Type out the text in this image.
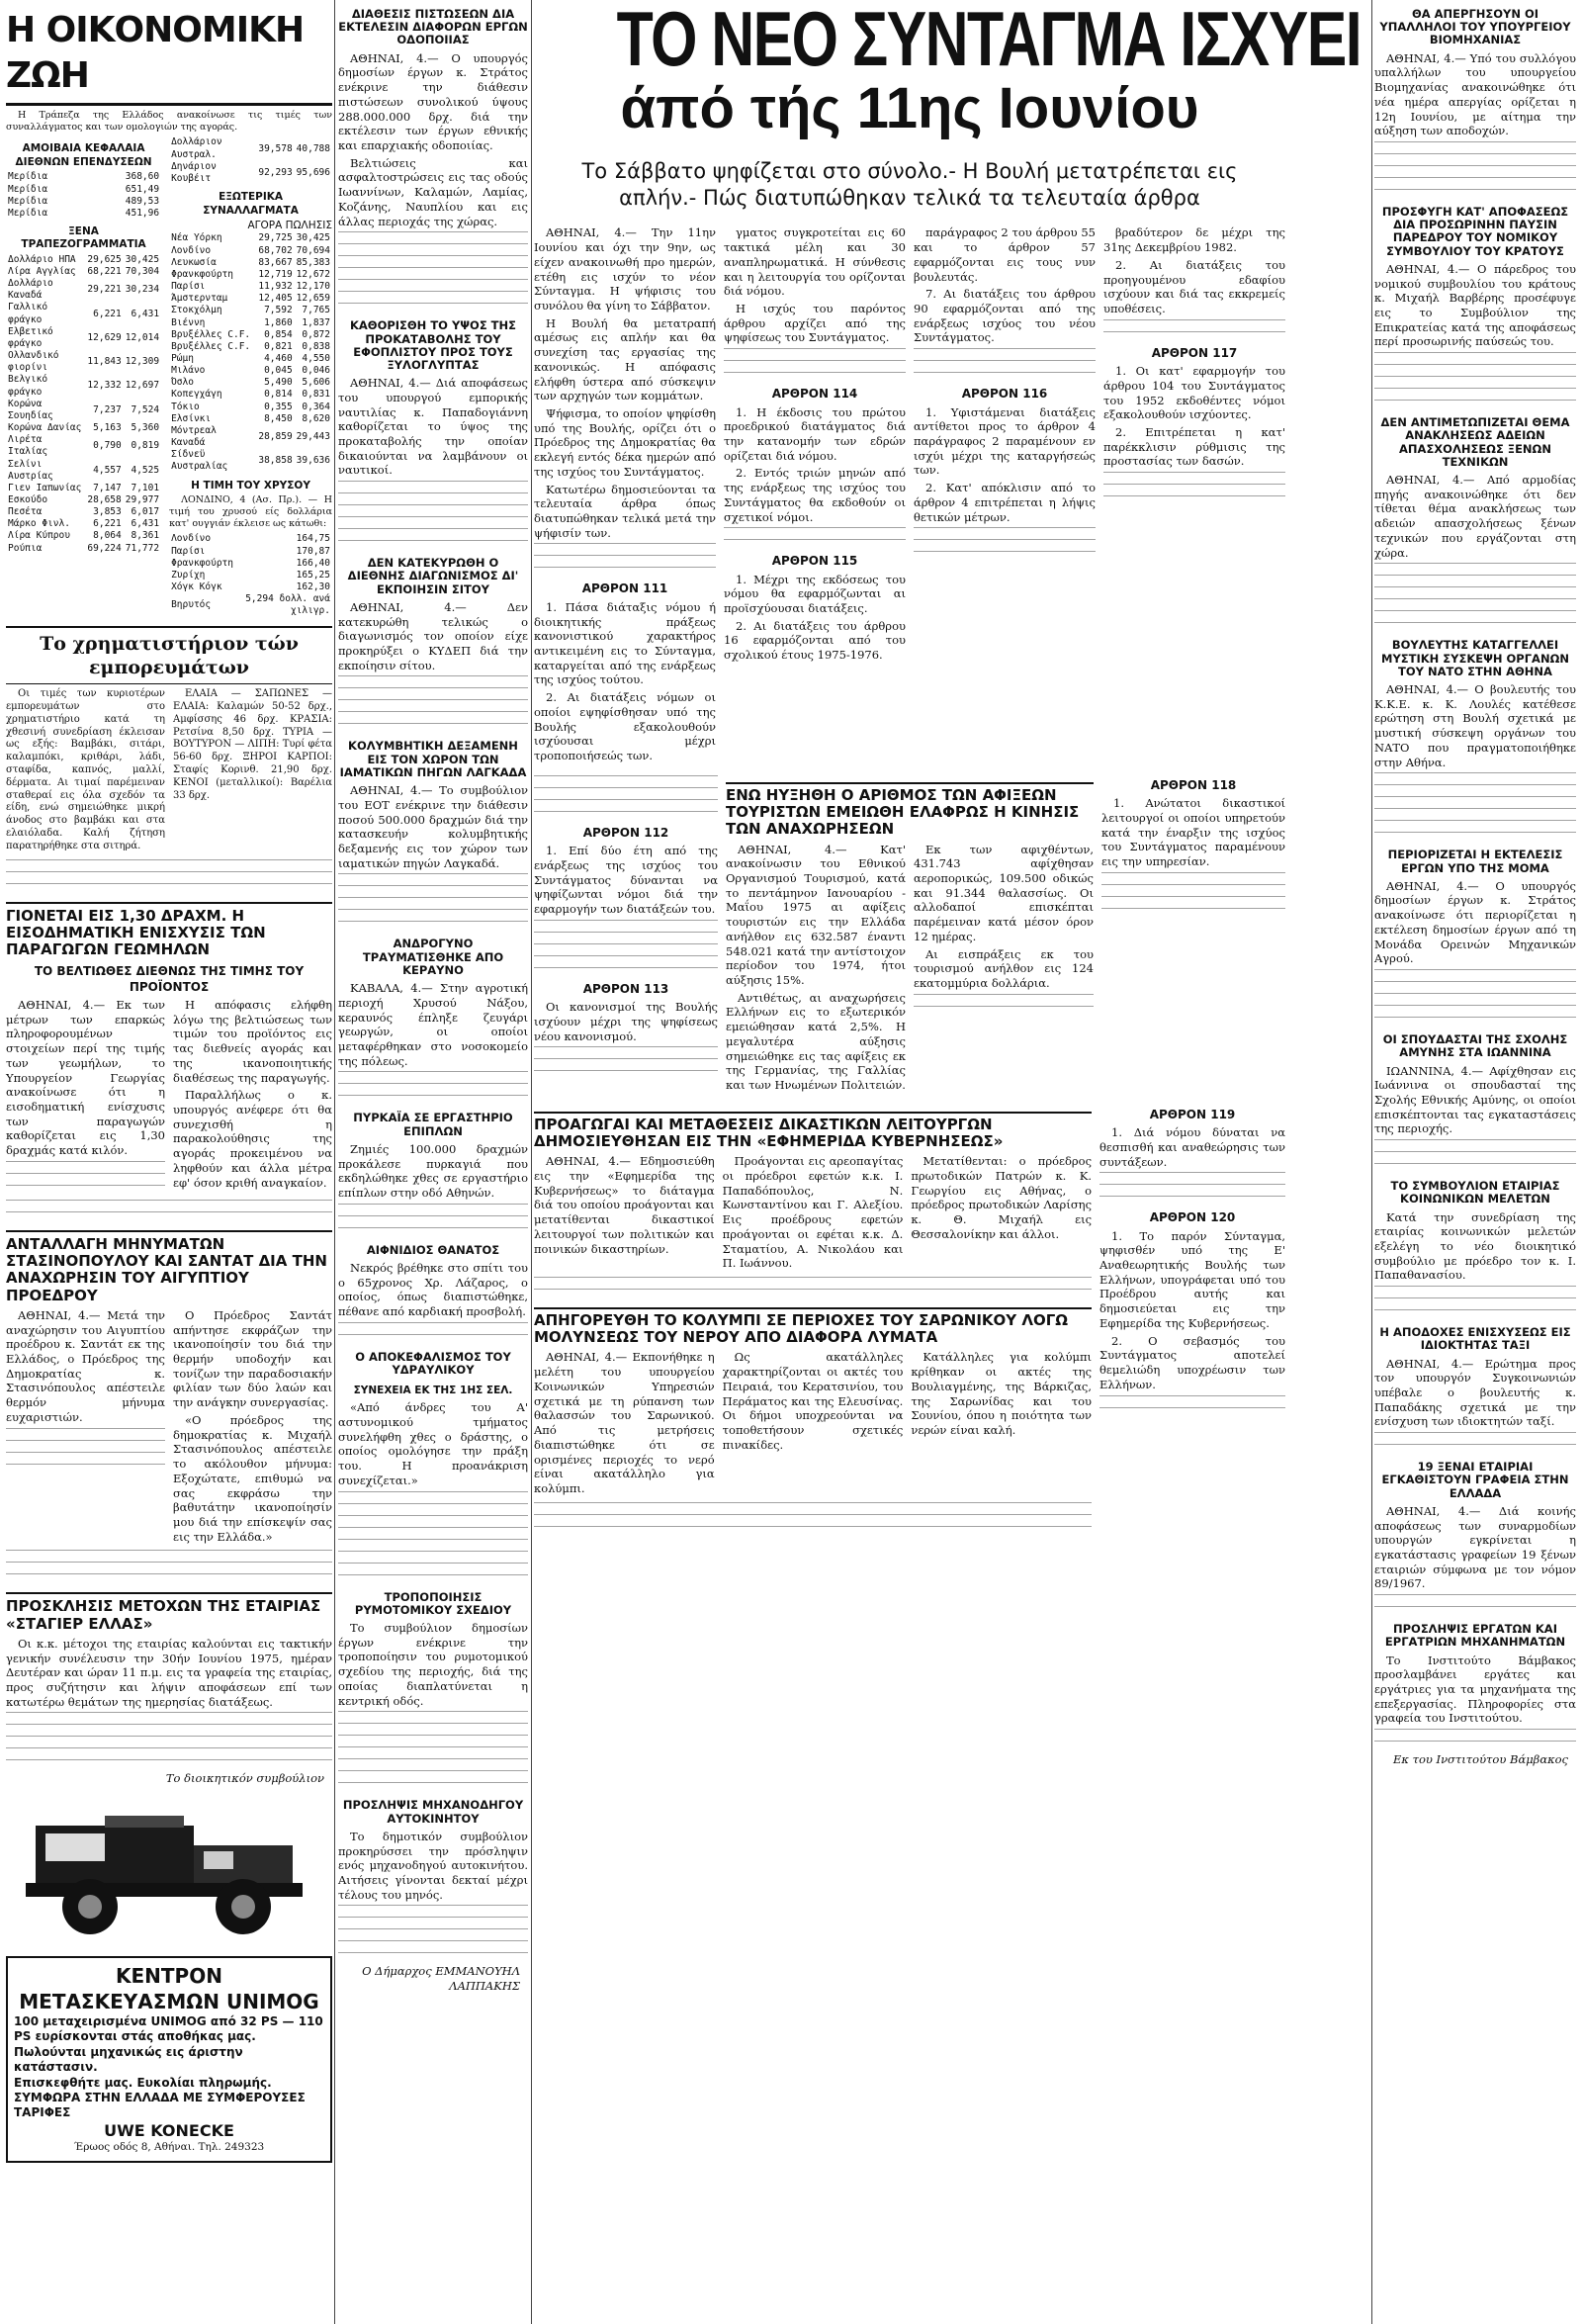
Η ΟΙΚΟΝΟΜΙΚΗ ΖΩΗ

Η Τράπεζα της Ελλάδος ανακοίνωσε τις τιμές των συναλλάγματος και των ομολογιών της αγοράς.

ΑΜΟΙΒΑΙΑ ΚΕΦΑΛΑΙΑ ΔΙΕΘΝΩΝ ΕΠΕΝΔΥΣΕΩΝ
Μερίδια	368,60
Μερίδια	651,49
Μερίδια	489,53
Μερίδια	451,96
ΞΕΝΑ ΤΡΑΠΕΖΟΓΡΑΜΜΑΤΙΑ
Δολλάριο ΗΠΑ	29,625	30,425
Λίρα Αγγλίας	68,221	70,304
Δολλάριο Καναδά	29,221	30,234
Γαλλικό φράγκο	6,221	6,431
Ελβετικό φράγκο	12,629	12,014
Ολλανδικό φιορίνι	11,843	12,309
Βελγικό φράγκο	12,332	12,697
Κορώνα Σουηδίας	7,237	7,524
Κορώνα Δανίας	5,163	5,360
Λιρέτα Ιταλίας	0,790	0,819
Σελίνι Αυστρίας	4,557	4,525
Γιεν Ιαπωνίας	7,147	7,101
Εσκούδο	28,658	29,977
Πεσέτα	3,853	6,017
Μάρκο Φινλ.	6,221	6,431
Λίρα Κύπρου	8,064	8,361
Ρούπια	69,224	71,772
Δολλάριον Αυστραλ.	39,578	40,788
Δηνάριον Κουβέιτ	92,293	95,696
ΕΞΩΤΕΡΙΚΑ ΣΥΝΑΛΛΑΓΜΑΤΑ
ΑΓΟΡΑ ΠΩΛΗΣΙΣ
Νέα Υόρκη	29,725	30,425
Λονδίνο	68,702	70,694
Λευκωσία	83,667	85,383
Φρανκφούρτη	12,719	12,672
Παρίσι	11,932	12,170
Άμστερνταμ	12,405	12,659
Στοκχόλμη	7,592	7,765
Βιέννη	1,860	1,837
Βρυξέλλες C.F.	0,854	0,872
Βρυξέλλες C.F.	0,821	0,838
Ρώμη	4,460	4,550
Μιλάνο	0,045	0,046
Όσλο	5,490	5,606
Κοπεγχάγη	0,814	0,831
Τόκιο	0,355	0,364
Ελσίνκι	8,450	8,620
Μόντρεαλ Καναδά	28,859	29,443
Σίδνεϋ Αυστραλίας	38,858	39,636
Η ΤΙΜΗ ΤΟΥ ΧΡΥΣΟΥ

ΛΟΝΔΙΝΟ, 4 (Ασ. Πρ.). — Η τιμή του χρυσού είς δολλάρια κατ' ουγγιάν έκλεισε ως κάτωθι:

Λονδίνο	164,75
Παρίσι	170,87
Φρανκφούρτη	166,40
Ζυρίχη	165,25
Χόγκ Κόγκ	162,30
Βηρυτός	5,294 δολλ. ανά χιλιγρ.
Το χρηματιστήριον τών εμπορευμάτων

Οι τιμές των κυριοτέρων εμπορευμάτων στο χρηματιστήριο κατά τη χθεσινή συνεδρίαση έκλεισαν ως εξής: Βαμβάκι, σιτάρι, καλαμπόκι, κριθάρι, λάδι, σταφίδα, καπνός, μαλλί, δέρματα. Αι τιμαί παρέμειναν σταθεραί εις όλα σχεδόν τα είδη, ενώ σημειώθηκε μικρή άνοδος στο βαμβάκι και στα ελαιόλαδα. Καλή ζήτηση παρατηρήθηκε στα σιτηρά.

ΕΛΑΙΑ — ΣΑΠΩΝΕΣ — ΕΛΑΙΑ: Καλαμών 50-52 δρχ., Αμφίσσης 46 δρχ. ΚΡΑΣΙΑ: Ρετσίνα 8,50 δρχ. ΤΥΡΙΑ — ΒΟΥΤΥΡΟΝ — ΛΙΠΗ: Τυρί φέτα 56-60 δρχ. ΞΗΡΟΙ ΚΑΡΠΟΙ: Σταφίς Κορινθ. 21,90 δρχ. ΚΕΝΟΙ (μεταλλικοί): Βαρέλια 33 δρχ.

ΓΙΟΝΕΤΑΙ ΕΙΣ 1,30 ΔΡΑΧΜ. Η ΕΙΣΟΔΗΜΑΤΙΚΗ ΕΝΙΣΧΥΣΙΣ ΤΩΝ ΠΑΡΑΓΩΓΩΝ ΓΕΩΜΗΛΩΝ
ΤΟ ΒΕΛΤΙΩΘΕΣ ΔΙΕΘΝΩΣ ΤΗΣ ΤΙΜΗΣ ΤΟΥ ΠΡΟΪΟΝΤΟΣ

ΑΘΗΝΑΙ, 4.— Εκ των μέτρων των επαρκώς πληροφορουμένων στοιχείων περί της τιμής των γεωμήλων, το Υπουργείον Γεωργίας ανακοίνωσε ότι η εισοδηματική ενίσχυσις των παραγωγών καθορίζεται εις 1,30 δραχμάς κατά κιλόν.

Η απόφασις ελήφθη λόγω της βελτιώσεως των τιμών του προϊόντος εις τας διεθνείς αγοράς και της ικανοποιητικής διαθέσεως της παραγωγής.

Παραλλήλως ο κ. υπουργός ανέφερε ότι θα συνεχισθή η παρακολούθησις της αγοράς προκειμένου να ληφθούν και άλλα μέτρα εφ' όσον κριθή αναγκαίον.

ΑΝΤΑΛΛΑΓΗ ΜΗΝΥΜΑΤΩΝ ΣΤΑΣΙΝΟΠΟΥΛΟΥ ΚΑΙ ΣΑΝΤΑΤ ΔΙΑ ΤΗΝ ΑΝΑΧΩΡΗΣΙΝ ΤΟΥ ΑΙΓΥΠΤΙΟΥ ΠΡΟΕΔΡΟΥ

ΑΘΗΝΑΙ, 4.— Μετά την αναχώρησιν του Αιγυπτίου προέδρου κ. Σαντάτ εκ της Ελλάδος, ο Πρόεδρος της Δημοκρατίας κ. Στασινόπουλος απέστειλε θερμόν μήνυμα ευχαριστιών.

Ο Πρόεδρος Σαντάτ απήντησε εκφράζων την ικανοποίησίν του διά την θερμήν υποδοχήν και τονίζων την παραδοσιακήν φιλίαν των δύο λαών και την ανάγκην συνεργασίας.

«Ο πρόεδρος της δημοκρατίας κ. Μιχαήλ Στασινόπουλος απέστειλε το ακόλουθον μήνυμα: Εξοχώτατε, επιθυμώ να σας εκφράσω την βαθυτάτην ικανοποίησίν μου διά την επίσκεψίν σας εις την Ελλάδα.»

ΠΡΟΣΚΛΗΣΙΣ ΜΕΤΟΧΩΝ ΤΗΣ ΕΤΑΙΡΙΑΣ «ΣΤΑΓΙΕΡ ΕΛΛΑΣ»

Οι κ.κ. μέτοχοι της εταιρίας καλούνται εις τακτικήν γενικήν συνέλευσιν την 30ήν Ιουνίου 1975, ημέραν Δευτέραν και ώραν 11 π.μ. εις τα γραφεία της εταιρίας, προς συζήτησιν και λήψιν αποφάσεων επί των κατωτέρω θεμάτων της ημερησίας διατάξεως.

Το διοικητικόν συμβούλιον

ΚΕΝΤΡΟΝ ΜΕΤΑΣΚΕΥΑΣΜΩΝ UNIMOG
100 μεταχειρισμένα UNIMOG από 32 PS — 110 PS ευρίσκονται στάς αποθήκας μας.
Πωλούνται μηχανικώς εις άριστην κατάστασιν.
Επισκεφθήτε μας. Ευκολίαι πληρωμής.
ΣΥΜΦΩΡΑ ΣΤΗΝ ΕΛΛΑΔΑ ΜΕ ΣΥΜΦΕΡΟΥΣΕΣ ΤΑΡΙΦΕΣ
UWE KONECKE
Έρωος οδός 8, Αθήναι. Τηλ. 249323
ΔΙΑΘΕΣΙΣ ΠΙΣΤΩΣΕΩΝ ΔΙΑ ΕΚΤΕΛΕΣΙΝ ΔΙΑΦΟΡΩΝ ΕΡΓΩΝ ΟΔΟΠΟΙΙΑΣ

ΑΘΗΝΑΙ, 4.— Ο υπουργός δημοσίων έργων κ. Στράτος ενέκρινε την διάθεσιν πιστώσεων συνολικού ύψους 288.000.000 δρχ. διά την εκτέλεσιν των έργων εθνικής και επαρχιακής οδοποιίας.

Βελτιώσεις και ασφαλτοστρώσεις εις τας οδούς Ιωαννίνων, Καλαμών, Λαμίας, Κοζάνης, Ναυπλίου και εις άλλας περιοχάς της χώρας.

ΚΑΘΟΡΙΣΘΗ ΤΟ ΥΨΟΣ ΤΗΣ ΠΡΟΚΑΤΑΒΟΛΗΣ ΤΟΥ ΕΦΟΠΛΙΣΤΟΥ ΠΡΟΣ ΤΟΥΣ ΞΥΛΟΓΛΥΠΤΑΣ

ΑΘΗΝΑΙ, 4.— Διά αποφάσεως του υπουργού εμπορικής ναυτιλίας κ. Παπαδογιάννη καθορίζεται το ύψος της προκαταβολής την οποίαν δικαιούνται να λαμβάνουν οι ναυτικοί.

ΔΕΝ ΚΑΤΕΚΥΡΩΘΗ Ο ΔΙΕΘΝΗΣ ΔΙΑΓΩΝΙΣΜΟΣ ΔΙ' ΕΚΠΟΙΗΣΙΝ ΣΙΤΟΥ

ΑΘΗΝΑΙ, 4.— Δεν κατεκυρώθη τελικώς ο διαγωνισμός τον οποίον είχε προκηρύξει ο ΚΥΔΕΠ διά την εκποίησιν σίτου.

ΚΟΛΥΜΒΗΤΙΚΗ ΔΕΞΑΜΕΝΗ ΕΙΣ ΤΟΝ ΧΩΡΟΝ ΤΩΝ ΙΑΜΑΤΙΚΩΝ ΠΗΓΩΝ ΛΑΓΚΑΔΑ

ΑΘΗΝΑΙ, 4.— Το συμβούλιον του ΕΟΤ ενέκρινε την διάθεσιν ποσού 500.000 δραχμών διά την κατασκευήν κολυμβητικής δεξαμενής εις τον χώρον των ιαματικών πηγών Λαγκαδά.

ΑΝΔΡΟΓΥΝΟ ΤΡΑΥΜΑΤΙΣΘΗΚΕ ΑΠΟ ΚΕΡΑΥΝΟ

ΚΑΒΑΛΑ, 4.— Στην αγροτική περιοχή Χρυσού Νάξου, κεραυνός έπληξε ζευγάρι γεωργών, οι οποίοι μεταφέρθηκαν στο νοσοκομείο της πόλεως.

ΠΥΡΚΑΪΑ ΣΕ ΕΡΓΑΣΤΗΡΙΟ ΕΠΙΠΛΩΝ

Ζημιές 100.000 δραχμών προκάλεσε πυρκαγιά που εκδηλώθηκε χθες σε εργαστήριο επίπλων στην οδό Αθηνών.

ΑΙΦΝΙΔΙΟΣ ΘΑΝΑΤΟΣ

Νεκρός βρέθηκε στο σπίτι του ο 65χρονος Χρ. Λάζαρος, ο οποίος, όπως διαπιστώθηκε, πέθανε από καρδιακή προσβολή.

Ο ΑΠΟΚΕΦΑΛΙΣΜΟΣ ΤΟΥ ΥΔΡΑΥΛΙΚΟΥ
ΣΥΝΕΧΕΙΑ ΕΚ ΤΗΣ 1ΗΣ ΣΕΛ.

«Από άνδρες του Α' αστυνομικού τμήματος συνελήφθη χθες ο δράστης, ο οποίος ομολόγησε την πράξη του. Η προανάκριση συνεχίζεται.»

ΤΡΟΠΟΠΟΙΗΣΙΣ ΡΥΜΟΤΟΜΙΚΟΥ ΣΧΕΔΙΟΥ

Το συμβούλιον δημοσίων έργων ενέκρινε την τροποποίησιν του ρυμοτομικού σχεδίου της περιοχής, διά της οποίας διαπλατύνεται η κεντρική οδός.

ΠΡΟΣΛΗΨΙΣ ΜΗΧΑΝΟΔΗΓΟΥ ΑΥΤΟΚΙΝΗΤΟΥ

Το δημοτικόν συμβούλιον προκηρύσσει την πρόσληψιν ενός μηχανοδηγού αυτοκινήτου. Αιτήσεις γίνονται δεκταί μέχρι τέλους του μηνός.

Ο Δήμαρχος ΕΜΜΑΝΟΥΗΛ ΛΑΠΠΑΚΗΣ

ΤΟ ΝΕΟ ΣΥΝΤΑΓΜΑ ΙΣΧΥΕΙ
άπό τής 11ης Ιουνίου
Το Σάββατο ψηφίζεται στο σύνολο.- Η Βουλή μετατρέπεται εις απλήν.- Πώς διατυπώθηκαν τελικά τα τελευταία άρθρα

ΑΘΗΝΑΙ, 4.— Την 11ην Ιουνίου και όχι την 9ην, ως είχεν ανακοινωθή προ ημερών, ετέθη εις ισχύν το νέον Σύνταγμα. Η ψήφισις του συνόλου θα γίνη το Σάββατον.

Η Βουλή θα μετατραπή αμέσως εις απλήν και θα συνεχίση τας εργασίας της κανονικώς. Η απόφασις ελήφθη ύστερα από σύσκεψιν των αρχηγών των κομμάτων.

Ψήφισμα, το οποίον ψηφίσθη υπό της Βουλής, ορίζει ότι ο Πρόεδρος της Δημοκρατίας θα εκλεγή εντός δέκα ημερών από της ισχύος του Συντάγματος.

Κατωτέρω δημοσιεύονται τα τελευταία άρθρα όπως διατυπώθηκαν τελικά μετά την ψήφισίν των.

ΑΡΘΡΟΝ 111

1. Πάσα διάταξις νόμου ή διοικητικής πράξεως κανονιστικού χαρακτήρος αντικειμένη εις το Σύνταγμα, καταργείται από της ενάρξεως της ισχύος τούτου.

2. Αι διατάξεις νόμων οι οποίοι εψηφίσθησαν υπό της Βουλής εξακολουθούν ισχύουσαι μέχρι τροποποιήσεώς των.

γματος συγκροτείται εις 60 τακτικά μέλη και 30 αναπληρωματικά. Η σύνθεσις και η λειτουργία του ορίζονται διά νόμου.

Η ισχύς του παρόντος άρθρου αρχίζει από της ψηφίσεως του Συντάγματος.

ΑΡΘΡΟΝ 114

1. Η έκδοσις του πρώτου προεδρικού διατάγματος διά την κατανομήν των εδρών ορίζεται διά νόμου.

2. Εντός τριών μηνών από της ενάρξεως της ισχύος του Συντάγματος θα εκδοθούν οι σχετικοί νόμοι.

ΑΡΘΡΟΝ 115

1. Μέχρι της εκδόσεως του νόμου θα εφαρμόζωνται αι προϊσχύουσαι διατάξεις.

2. Αι διατάξεις του άρθρου 16 εφαρμόζονται από του σχολικού έτους 1975-1976.

παράγραφος 2 του άρθρου 55 και το άρθρον 57 εφαρμόζονται εις τους νυν βουλευτάς.

7. Αι διατάξεις του άρθρου 90 εφαρμόζονται από της ενάρξεως ισχύος του νέου Συντάγματος.

ΑΡΘΡΟΝ 116

1. Υφιστάμεναι διατάξεις αντίθετοι προς το άρθρον 4 παράγραφος 2 παραμένουν εν ισχύι μέχρι της καταργήσεώς των.

2. Κατ' απόκλισιν από το άρθρον 4 επιτρέπεται η λήψις θετικών μέτρων.

βραδύτερον δε μέχρι της 31ης Δεκεμβρίου 1982.

2. Αι διατάξεις του προηγουμένου εδαφίου ισχύουν και διά τας εκκρεμείς υποθέσεις.

ΑΡΘΡΟΝ 117

1. Οι κατ' εφαρμογήν του άρθρου 104 του Συντάγματος του 1952 εκδοθέντες νόμοι εξακολουθούν ισχύοντες.

2. Επιτρέπεται η κατ' παρέκκλισιν ρύθμισις της προστασίας των δασών.

ΑΡΘΡΟΝ 112

1. Επί δύο έτη από της ενάρξεως της ισχύος του Συντάγματος δύνανται να ψηφίζωνται νόμοι διά την εφαρμογήν των διατάξεών του.

ΑΡΘΡΟΝ 113

Οι κανονισμοί της Βουλής ισχύουν μέχρι της ψηφίσεως νέου κανονισμού.

ΕΝΩ ΗΥΞΗΘΗ Ο ΑΡΙΘΜΟΣ ΤΩΝ ΑΦΙΞΕΩΝ ΤΟΥΡΙΣΤΩΝ ΕΜΕΙΩΘΗ ΕΛΑΦΡΩΣ Η ΚΙΝΗΣΙΣ ΤΩΝ ΑΝΑΧΩΡΗΣΕΩΝ

ΑΘΗΝΑΙ, 4.— Κατ' ανακοίνωσιν του Εθνικού Οργανισμού Τουρισμού, κατά το πεντάμηνον Ιανουαρίου - Μαΐου 1975 αι αφίξεις τουριστών εις την Ελλάδα ανήλθον εις 632.587 έναντι 548.021 κατά την αντίστοιχον περίοδον του 1974, ήτοι αύξησις 15%.

Αντιθέτως, αι αναχωρήσεις Ελλήνων εις το εξωτερικόν εμειώθησαν κατά 2,5%. Η μεγαλυτέρα αύξησις σημειώθηκε εις τας αφίξεις εκ της Γερμανίας, της Γαλλίας και των Ηνωμένων Πολιτειών.

Εκ των αφιχθέντων, 431.743 αφίχθησαν αεροπορικώς, 109.500 οδικώς και 91.344 θαλασσίως. Οι αλλοδαποί επισκέπται παρέμειναν κατά μέσον όρον 12 ημέρας.

Αι εισπράξεις εκ του τουρισμού ανήλθον εις 124 εκατομμύρια δολλάρια.

ΑΡΘΡΟΝ 118

1. Ανώτατοι δικαστικοί λειτουργοί οι οποίοι υπηρετούν κατά την έναρξιν της ισχύος του Συντάγματος παραμένουν εις την υπηρεσίαν.

ΠΡΟΑΓΩΓΑΙ ΚΑΙ ΜΕΤΑΘΕΣΕΙΣ ΔΙΚΑΣΤΙΚΩΝ ΛΕΙΤΟΥΡΓΩΝ ΔΗΜΟΣΙΕΥΘΗΣΑΝ ΕΙΣ ΤΗΝ «ΕΦΗΜΕΡΙΔΑ ΚΥΒΕΡΝΗΣΕΩΣ»

ΑΘΗΝΑΙ, 4.— Εδημοσιεύθη εις την «Εφημερίδα της Κυβερνήσεως» το διάταγμα διά του οποίου προάγονται και μετατίθενται δικαστικοί λειτουργοί των πολιτικών και ποινικών δικαστηρίων.

Προάγονται εις αρεοπαγίτας οι πρόεδροι εφετών κ.κ. Ι. Παπαδόπουλος, Ν. Κωνσταντίνου και Γ. Αλεξίου. Εις προέδρους εφετών προάγονται οι εφέται κ.κ. Δ. Σταματίου, Α. Νικολάου και Π. Ιωάννου.

Μετατίθενται: ο πρόεδρος πρωτοδικών Πατρών κ. Κ. Γεωργίου εις Αθήνας, ο πρόεδρος πρωτοδικών Λαρίσης κ. Θ. Μιχαήλ εις Θεσσαλονίκην και άλλοι.

ΑΠΗΓΟΡΕΥΘΗ ΤΟ ΚΟΛΥΜΠΙ ΣΕ ΠΕΡΙΟΧΕΣ ΤΟΥ ΣΑΡΩΝΙΚΟΥ ΛΟΓΩ ΜΟΛΥΝΣΕΩΣ ΤΟΥ ΝΕΡΟΥ ΑΠΟ ΔΙΑΦΟΡΑ ΛΥΜΑΤΑ

ΑΘΗΝΑΙ, 4.— Εκπονήθηκε η μελέτη του υπουργείου Κοινωνικών Υπηρεσιών σχετικά με τη ρύπανση των θαλασσών του Σαρωνικού. Από τις μετρήσεις διαπιστώθηκε ότι σε ορισμένες περιοχές το νερό είναι ακατάλληλο για κολύμπι.

Ως ακατάλληλες χαρακτηρίζονται οι ακτές του Πειραιά, του Κερατσινίου, του Περάματος και της Ελευσίνας. Οι δήμοι υποχρεούνται να τοποθετήσουν σχετικές πινακίδες.

Κατάλληλες για κολύμπι κρίθηκαν οι ακτές της Βουλιαγμένης, της Βάρκιζας, της Σαρωνίδας και του Σουνίου, όπου η ποιότητα των νερών είναι καλή.

ΑΡΘΡΟΝ 119

1. Διά νόμου δύναται να θεσπισθή και αναθεώρησις των συντάξεων.

ΑΡΘΡΟΝ 120

1. Το παρόν Σύνταγμα, ψηφισθέν υπό της Ε' Αναθεωρητικής Βουλής των Ελλήνων, υπογράφεται υπό του Προέδρου αυτής και δημοσιεύεται εις την Εφημερίδα της Κυβερνήσεως.

2. Ο σεβασμός του Συντάγματος αποτελεί θεμελιώδη υποχρέωσιν των Ελλήνων.

ΘΑ ΑΠΕΡΓΗΣΟΥΝ ΟΙ ΥΠΑΛΛΗΛΟΙ ΤΟΥ ΥΠΟΥΡΓΕΙΟΥ ΒΙΟΜΗΧΑΝΙΑΣ

ΑΘΗΝΑΙ, 4.— Υπό του συλλόγου υπαλλήλων του υπουργείου Βιομηχανίας ανακοινώθηκε ότι νέα ημέρα απεργίας ορίζεται η 12η Ιουνίου, με αίτημα την αύξηση των αποδοχών.

ΠΡΟΣΦΥΓΗ ΚΑΤ' ΑΠΟΦΑΣΕΩΣ ΔΙΑ ΠΡΟΣΩΡΙΝΗΝ ΠΑΥΣΙΝ ΠΑΡΕΔΡΟΥ ΤΟΥ ΝΟΜΙΚΟΥ ΣΥΜΒΟΥΛΙΟΥ ΤΟΥ ΚΡΑΤΟΥΣ

ΑΘΗΝΑΙ, 4.— Ο πάρεδρος του νομικού συμβουλίου του κράτους κ. Μιχαήλ Βαρβέρης προσέφυγε εις το Συμβούλιον της Επικρατείας κατά της αποφάσεως περί προσωρινής παύσεώς του.

ΔΕΝ ΑΝΤΙΜΕΤΩΠΙΖΕΤΑΙ ΘΕΜΑ ΑΝΑΚΛΗΣΕΩΣ ΑΔΕΙΩΝ ΑΠΑΣΧΟΛΗΣΕΩΣ ΞΕΝΩΝ ΤΕΧΝΙΚΩΝ

ΑΘΗΝΑΙ, 4.— Από αρμοδίας πηγής ανακοινώθηκε ότι δεν τίθεται θέμα ανακλήσεως των αδειών απασχολήσεως ξένων τεχνικών που εργάζονται στη χώρα.

ΒΟΥΛΕΥΤΗΣ ΚΑΤΑΓΓΕΛΛΕΙ ΜΥΣΤΙΚΗ ΣΥΣΚΕΨΗ ΟΡΓΑΝΩΝ ΤΟΥ ΝΑΤΟ ΣΤΗΝ ΑΘΗΝΑ

ΑΘΗΝΑΙ, 4.— Ο βουλευτής του Κ.Κ.Ε. κ. Κ. Λουλές κατέθεσε ερώτηση στη Βουλή σχετικά με μυστική σύσκεψη οργάνων του ΝΑΤΟ που πραγματοποιήθηκε στην Αθήνα.

ΠΕΡΙΟΡΙΖΕΤΑΙ Η ΕΚΤΕΛΕΣΙΣ ΕΡΓΩΝ ΥΠΟ ΤΗΣ ΜΟΜΑ

ΑΘΗΝΑΙ, 4.— Ο υπουργός δημοσίων έργων κ. Στράτος ανακοίνωσε ότι περιορίζεται η εκτέλεση δημοσίων έργων από τη Μονάδα Ορεινών Μηχανικών Αγρού.

ΟΙ ΣΠΟΥΔΑΣΤΑΙ ΤΗΣ ΣΧΟΛΗΣ ΑΜΥΝΗΣ ΣΤΑ ΙΩΑΝΝΙΝΑ

ΙΩΑΝΝΙΝΑ, 4.— Αφίχθησαν εις Ιωάννινα οι σπουδασταί της Σχολής Εθνικής Αμύνης, οι οποίοι επισκέπτονται τας εγκαταστάσεις της περιοχής.

ΤΟ ΣΥΜΒΟΥΛΙΟΝ ΕΤΑΙΡΙΑΣ ΚΟΙΝΩΝΙΚΩΝ ΜΕΛΕΤΩΝ

Κατά την συνεδρίαση της εταιρίας κοινωνικών μελετών εξελέγη το νέο διοικητικό συμβούλιο με πρόεδρο τον κ. Ι. Παπαθανασίου.

Η ΑΠΟΔΟΧΕΣ ΕΝΙΣΧΥΣΕΩΣ ΕΙΣ ΙΔΙΟΚΤΗΤΑΣ ΤΑΞΙ

ΑΘΗΝΑΙ, 4.— Ερώτημα προς τον υπουργόν Συγκοινωνιών υπέβαλε ο βουλευτής κ. Παπαδάκης σχετικά με την ενίσχυση των ιδιοκτητών ταξί.

19 ΞΕΝΑΙ ΕΤΑΙΡΙΑΙ ΕΓΚΑΘΙΣΤΟΥΝ ΓΡΑΦΕΙΑ ΣΤΗΝ ΕΛΛΑΔΑ

ΑΘΗΝΑΙ, 4.— Διά κοινής αποφάσεως των συναρμοδίων υπουργών εγκρίνεται η εγκατάστασις γραφείων 19 ξένων εταιριών σύμφωνα με τον νόμον 89/1967.

ΠΡΟΣΛΗΨΙΣ ΕΡΓΑΤΩΝ ΚΑΙ ΕΡΓΑΤΡΙΩΝ ΜΗΧΑΝΗΜΑΤΩΝ

Το Ινστιτούτο Βάμβακος προσλαμβάνει εργάτες και εργάτριες για τα μηχανήματα της επεξεργασίας. Πληροφορίες στα γραφεία του Ινστιτούτου.

Εκ του Ινστιτούτου Βάμβακος
